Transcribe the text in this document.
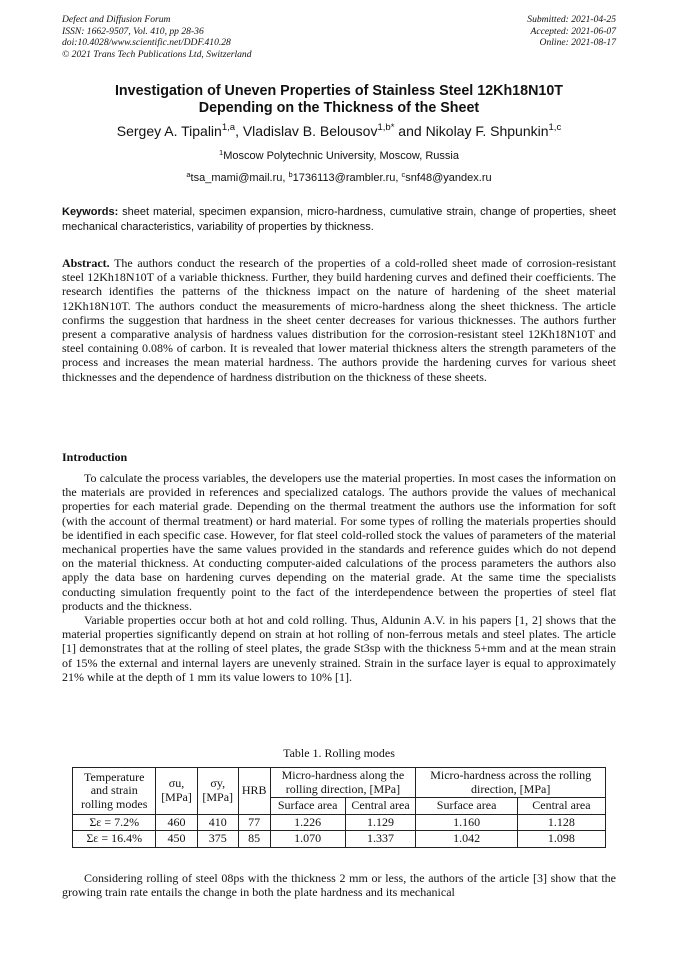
Defect and Diffusion Forum
ISSN: 1662-9507, Vol. 410, pp 28-36
doi:10.4028/www.scientific.net/DDF.410.28
© 2021 Trans Tech Publications Ltd, Switzerland
Submitted: 2021-04-25
Accepted: 2021-06-07
Online: 2021-08-17
Investigation of Uneven Properties of Stainless Steel 12Kh18N10T
Depending on the Thickness of the Sheet
Sergey A. Tipalin$^{1,a}$, Vladislav B. Belousov$^{1,b*}$ and Nikolay F. Shpunkin$^{1,c}$
$^1$Moscow Polytechnic University, Moscow, Russia
$^a$tsa_mami@mail.ru, $^b$1736113@rambler.ru, $^c$snf48@yandex.ru
Keywords: sheet material, specimen expansion, micro-hardness, cumulative strain, change of properties, sheet mechanical characteristics, variability of properties by thickness.
Abstract. The authors conduct the research of the properties of a cold-rolled sheet made of corrosion-resistant steel 12Kh18N10T of a variable thickness. Further, they build hardening curves and defined their coefficients. The research identifies the patterns of the thickness impact on the nature of hardening of the sheet material 12Kh18N10T. The authors conduct the measurements of micro-hardness along the sheet thickness. The article confirms the suggestion that hardness in the sheet center decreases for various thicknesses. The authors further present a comparative analysis of hardness values distribution for the corrosion-resistant steel 12Kh18N10T and steel containing 0.08% of carbon. It is revealed that lower material thickness alters the strength parameters of the process and increases the mean material hardness. The authors provide the hardening curves for various sheet thicknesses and the dependence of hardness distribution on the thickness of these sheets.
Introduction

To calculate the process variables, the developers use the material properties. In most cases the information on the materials are provided in references and specialized catalogs. The authors provide the values of mechanical properties for each material grade. Depending on the thermal treatment the authors use the information for soft (with the account of thermal treatment) or hard material. For some types of rolling the materials properties should be identified in each specific case. However, for flat steel cold-rolled stock the values of parameters of the material mechanical properties have the same values provided in the standards and reference guides which do not depend on the material thickness. At conducting computer-aided calculations of the process parameters the authors also apply the data base on hardening curves depending on the material grade. At the same time the specialists conducting simulation frequently point to the fact of the interdependence between the properties of steel flat products and the thickness.

Variable properties occur both at hot and cold rolling. Thus, Aldunin A.V. in his papers [1, 2] shows that the material properties significantly depend on strain at hot rolling of non-ferrous metals and steel plates. The article [1] demonstrates that at the rolling of steel plates, the grade St3sp with the thickness 5+mm and at the mean strain of 15% the external and internal layers are unevenly strained. Strain in the surface layer is equal to approximately 21% while at the depth of 1 mm its value lowers to 10% [1].

Table 1. Rolling modes
Temperature and strain rolling modes	σu,
[MPa]	σy,
[MPa]	HRB	Micro-hardness along the rolling direction, [MPa]		Micro-hardness across the rolling direction, [MPa]	
				Surface area	Central area	Surface area	Central area
Σε = 7.2%	460	410	77	1.226	1.129	1.160	1.128
Σε = 16.4%	450	375	85	1.070	1.337	1.042	1.098

Considering rolling of steel 08ps with the thickness 2 mm or less, the authors of the article [3] show that the growing train rate entails the change in both the plate hardness and its mechanical
